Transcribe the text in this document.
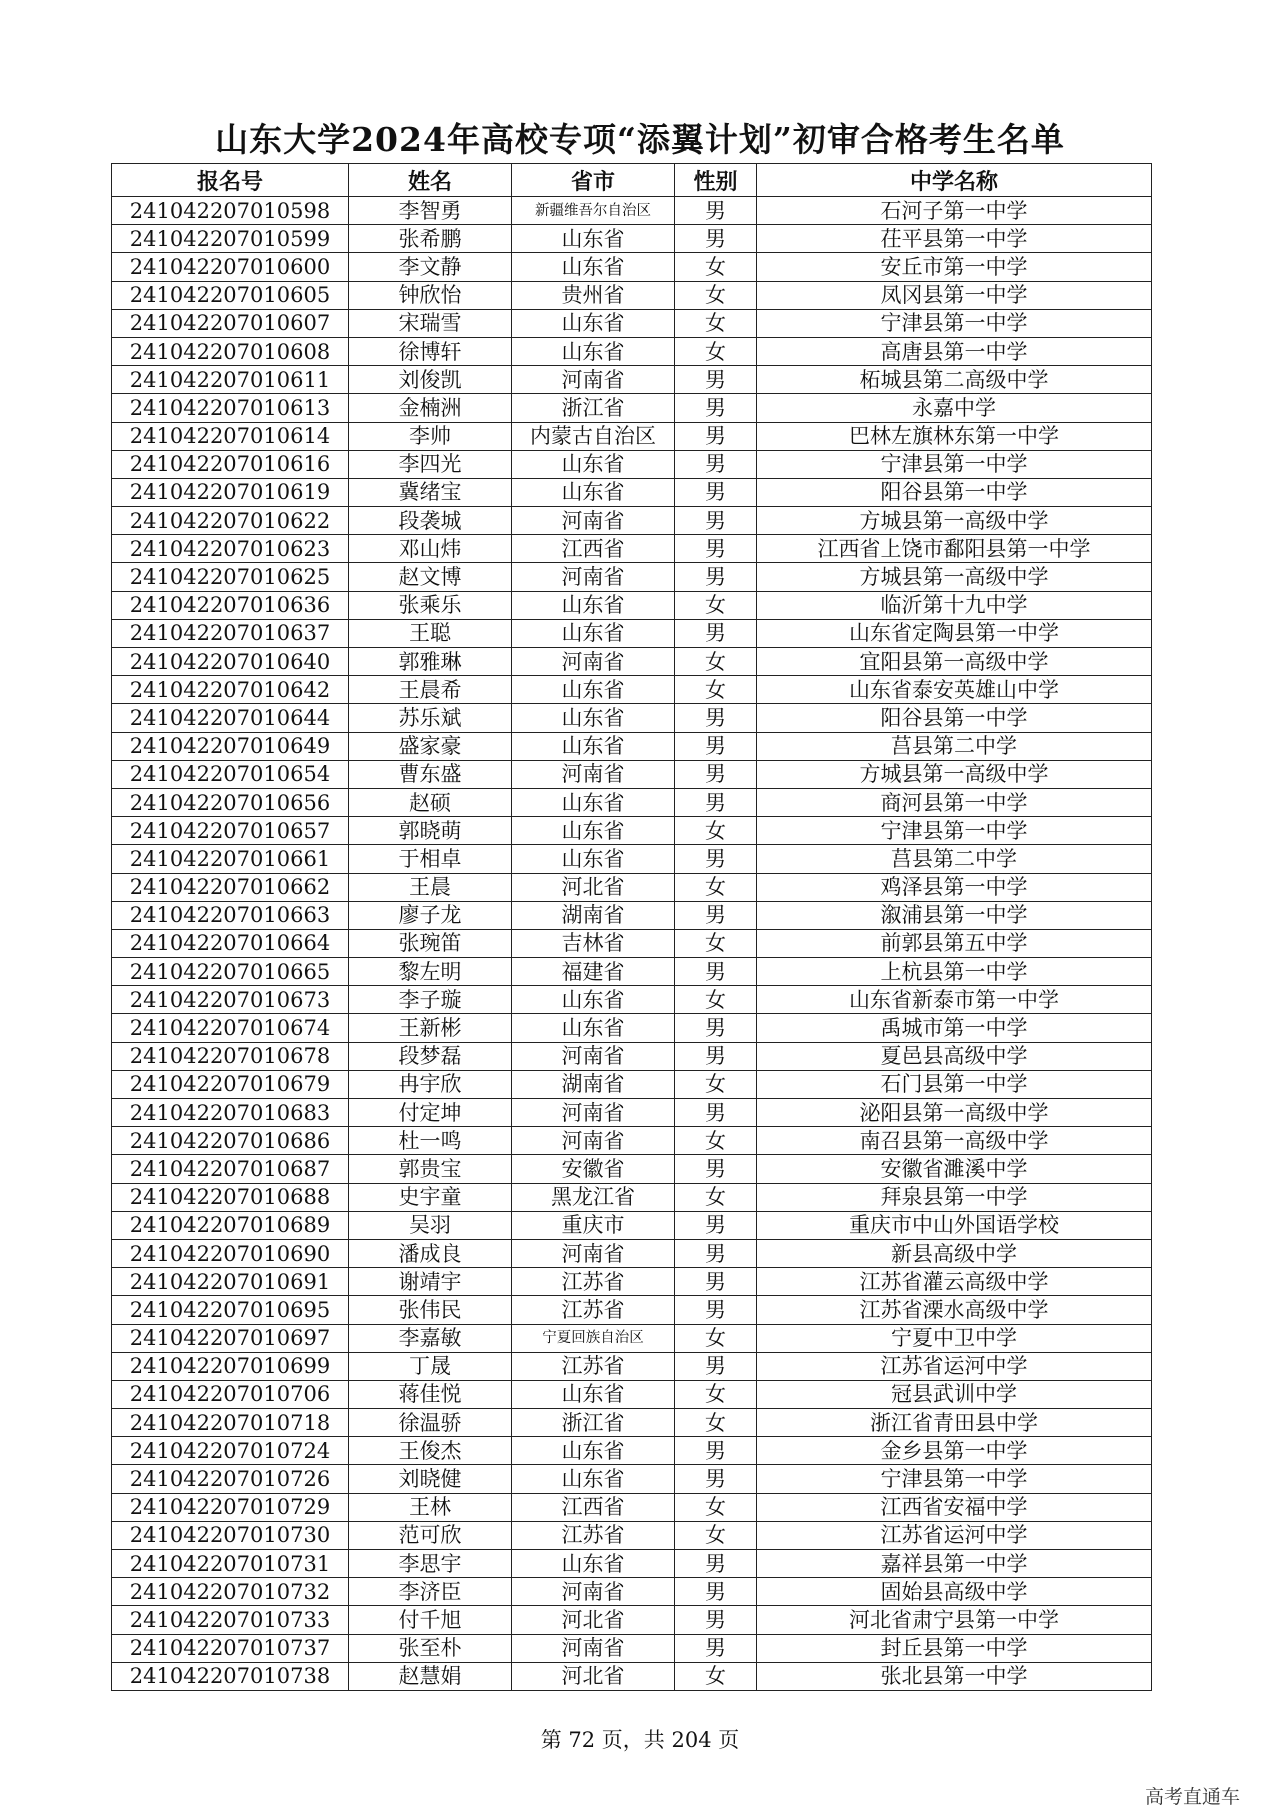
山东大学2024年高校专项“添翼计划”初审合格考生名单
报名号	姓名	省市	性别	中学名称
241042207010598	李智勇	新疆维吾尔自治区	男	石河子第一中学
241042207010599	张希鹏	山东省	男	茌平县第一中学
241042207010600	李文静	山东省	女	安丘市第一中学
241042207010605	钟欣怡	贵州省	女	凤冈县第一中学
241042207010607	宋瑞雪	山东省	女	宁津县第一中学
241042207010608	徐博轩	山东省	女	高唐县第一中学
241042207010611	刘俊凯	河南省	男	柘城县第二高级中学
241042207010613	金楠洲	浙江省	男	永嘉中学
241042207010614	李帅	内蒙古自治区	男	巴林左旗林东第一中学
241042207010616	李四光	山东省	男	宁津县第一中学
241042207010619	冀绪宝	山东省	男	阳谷县第一中学
241042207010622	段袭城	河南省	男	方城县第一高级中学
241042207010623	邓山炜	江西省	男	江西省上饶市鄱阳县第一中学
241042207010625	赵文博	河南省	男	方城县第一高级中学
241042207010636	张乘乐	山东省	女	临沂第十九中学
241042207010637	王聪	山东省	男	山东省定陶县第一中学
241042207010640	郭雅琳	河南省	女	宜阳县第一高级中学
241042207010642	王晨希	山东省	女	山东省泰安英雄山中学
241042207010644	苏乐斌	山东省	男	阳谷县第一中学
241042207010649	盛家豪	山东省	男	莒县第二中学
241042207010654	曹东盛	河南省	男	方城县第一高级中学
241042207010656	赵硕	山东省	男	商河县第一中学
241042207010657	郭晓萌	山东省	女	宁津县第一中学
241042207010661	于相卓	山东省	男	莒县第二中学
241042207010662	王晨	河北省	女	鸡泽县第一中学
241042207010663	廖子龙	湖南省	男	溆浦县第一中学
241042207010664	张琬笛	吉林省	女	前郭县第五中学
241042207010665	黎左明	福建省	男	上杭县第一中学
241042207010673	李子璇	山东省	女	山东省新泰市第一中学
241042207010674	王新彬	山东省	男	禹城市第一中学
241042207010678	段梦磊	河南省	男	夏邑县高级中学
241042207010679	冉宇欣	湖南省	女	石门县第一中学
241042207010683	付定坤	河南省	男	泌阳县第一高级中学
241042207010686	杜一鸣	河南省	女	南召县第一高级中学
241042207010687	郭贵宝	安徽省	男	安徽省濉溪中学
241042207010688	史宇童	黑龙江省	女	拜泉县第一中学
241042207010689	吴羽	重庆市	男	重庆市中山外国语学校
241042207010690	潘成良	河南省	男	新县高级中学
241042207010691	谢靖宇	江苏省	男	江苏省灌云高级中学
241042207010695	张伟民	江苏省	男	江苏省溧水高级中学
241042207010697	李嘉敏	宁夏回族自治区	女	宁夏中卫中学
241042207010699	丁晟	江苏省	男	江苏省运河中学
241042207010706	蒋佳悦	山东省	女	冠县武训中学
241042207010718	徐温骄	浙江省	女	浙江省青田县中学
241042207010724	王俊杰	山东省	男	金乡县第一中学
241042207010726	刘晓健	山东省	男	宁津县第一中学
241042207010729	王林	江西省	女	江西省安福中学
241042207010730	范可欣	江苏省	女	江苏省运河中学
241042207010731	李思宇	山东省	男	嘉祥县第一中学
241042207010732	李济臣	河南省	男	固始县高级中学
241042207010733	付千旭	河北省	男	河北省肃宁县第一中学
241042207010737	张至朴	河南省	男	封丘县第一中学
241042207010738	赵慧娟	河北省	女	张北县第一中学
第 72 页，共 204 页
高考直通车
